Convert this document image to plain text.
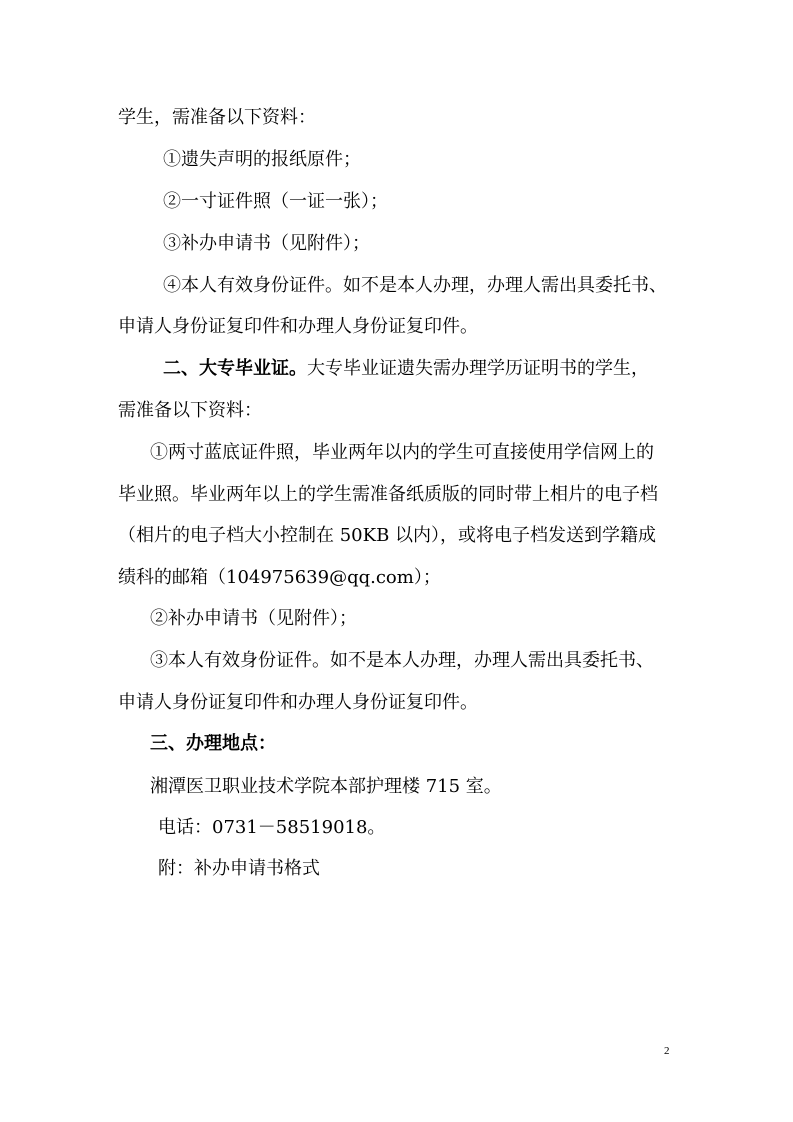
学生，需准备以下资料：
①遗失声明的报纸原件；
②一寸证件照（一证一张）；
③补办申请书（见附件）；
④本人有效身份证件。如不是本人办理，办理人需出具委托书、
申请人身份证复印件和办理人身份证复印件。
二、大专毕业证。大专毕业证遗失需办理学历证明书的学生，
需准备以下资料：
①两寸蓝底证件照，毕业两年以内的学生可直接使用学信网上的
毕业照。毕业两年以上的学生需准备纸质版的同时带上相片的电子档
（相片的电子档大小控制在 50KB 以内），或将电子档发送到学籍成
绩科的邮箱（104975639@qq.com）；
②补办申请书（见附件）；
③本人有效身份证件。如不是本人办理，办理人需出具委托书、
申请人身份证复印件和办理人身份证复印件。
三、办理地点：
湘潭医卫职业技术学院本部护理楼 715 室。
电话：0731－58519018。
附：补办申请书格式
2
